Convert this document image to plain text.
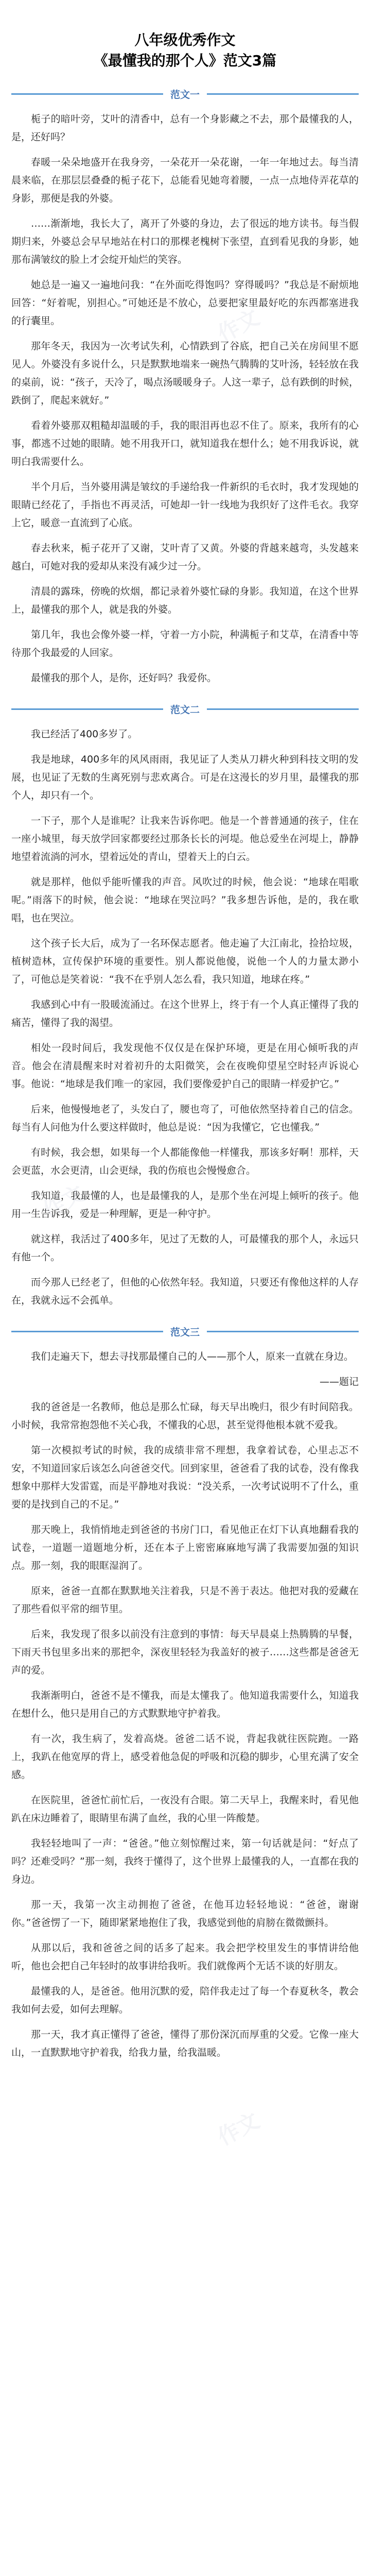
作文
作文
作文
八年级优秀作文
《最懂我的那个人》范文3篇
范文一

栀子的暗叶旁，艾叶的清香中，总有一个身影藏之不去，那个最懂我的人，是，还好吗？

春暖一朵朵地盛开在我身旁，一朵花开一朵花谢，一年一年地过去。每当清晨来临，在那层层叠叠的栀子花下，总能看见她弯着腰，一点一点地侍弄花草的身影，那便是我的外婆。

……渐渐地，我长大了，离开了外婆的身边，去了很远的地方读书。每当假期归来，外婆总会早早地站在村口的那棵老槐树下张望，直到看见我的身影，她那布满皱纹的脸上才会绽开灿烂的笑容。

她总是一遍又一遍地问我：“在外面吃得饱吗？穿得暖吗？”我总是不耐烦地回答：“好着呢，别担心。”可她还是不放心，总要把家里最好吃的东西都塞进我的行囊里。

那年冬天，我因为一次考试失利，心情跌到了谷底，把自己关在房间里不愿见人。外婆没有多说什么，只是默默地端来一碗热气腾腾的艾叶汤，轻轻放在我的桌前，说：“孩子，天冷了，喝点汤暖暖身子。人这一辈子，总有跌倒的时候，跌倒了，爬起来就好。”

看着外婆那双粗糙却温暖的手，我的眼泪再也忍不住了。原来，我所有的心事，都逃不过她的眼睛。她不用我开口，就知道我在想什么；她不用我诉说，就明白我需要什么。

半个月后，当外婆用满是皱纹的手递给我一件新织的毛衣时，我才发现她的眼睛已经花了，手指也不再灵活，可她却一针一线地为我织好了这件毛衣。我穿上它，暖意一直流到了心底。

春去秋来，栀子花开了又谢，艾叶青了又黄。外婆的背越来越弯，头发越来越白，可她对我的爱却从来没有减少过一分。

清晨的露珠，傍晚的炊烟，都记录着外婆忙碌的身影。我知道，在这个世界上，最懂我的那个人，就是我的外婆。

第几年，我也会像外婆一样，守着一方小院，种满栀子和艾草，在清香中等待那个我最爱的人回家。

最懂我的那个人，是你，还好吗？我爱你。

范文二

我已经活了400多岁了。

我是地球，400多年的风风雨雨，我见证了人类从刀耕火种到科技文明的发展，也见证了无数的生离死别与悲欢离合。可是在这漫长的岁月里，最懂我的那个人，却只有一个。

一下子，那个人是谁呢？让我来告诉你吧。他是一个普普通通的孩子，住在一座小城里，每天放学回家都要经过那条长长的河堤。他总爱坐在河堤上，静静地望着流淌的河水，望着远处的青山，望着天上的白云。

就是那样，他似乎能听懂我的声音。风吹过的时候，他会说：“地球在唱歌呢。”雨落下的时候，他会说：“地球在哭泣吗？”我多想告诉他，是的，我在歌唱，也在哭泣。

这个孩子长大后，成为了一名环保志愿者。他走遍了大江南北，捡拾垃圾，植树造林，宣传保护环境的重要性。别人都说他傻，说他一个人的力量太渺小了，可他总是笑着说：“我不在乎别人怎么看，我只知道，地球在疼。”

我感到心中有一股暖流涌过。在这个世界上，终于有一个人真正懂得了我的痛苦，懂得了我的渴望。

相处一段时间后，我发现他不仅仅是在保护环境，更是在用心倾听我的声音。他会在清晨醒来时对着初升的太阳微笑，会在夜晚仰望星空时轻声诉说心事。他说：“地球是我们唯一的家园，我们要像爱护自己的眼睛一样爱护它。”

后来，他慢慢地老了，头发白了，腰也弯了，可他依然坚持着自己的信念。每当有人问他为什么要这样做时，他总是说：“因为我懂它，它也懂我。”

有时候，我会想，如果每一个人都能像他一样懂我，那该多好啊！那样，天会更蓝，水会更清，山会更绿，我的伤痕也会慢慢愈合。

我知道，我最懂的人，也是最懂我的人，是那个坐在河堤上倾听的孩子。他用一生告诉我，爱是一种理解，更是一种守护。

就这样，我活过了400多年，见过了无数的人，可最懂我的那个人，永远只有他一个。

而今那人已经老了，但他的心依然年轻。我知道，只要还有像他这样的人存在，我就永远不会孤单。

范文三

我们走遍天下，想去寻找那最懂自己的人——那个人，原来一直就在身边。

——题记

我的爸爸是一名教师，他总是那么忙碌，每天早出晚归，很少有时间陪我。小时候，我常常抱怨他不关心我，不懂我的心思，甚至觉得他根本就不爱我。

第一次模拟考试的时候，我的成绩非常不理想，我拿着试卷，心里忐忑不安，不知道回家后该怎么向爸爸交代。回到家里，爸爸看了我的试卷，没有像我想象中那样大发雷霆，而是平静地对我说：“没关系，一次考试说明不了什么，重要的是找到自己的不足。”

那天晚上，我悄悄地走到爸爸的书房门口，看见他正在灯下认真地翻看我的试卷，一道题一道题地分析，还在本子上密密麻麻地写满了我需要加强的知识点。那一刻，我的眼眶湿润了。

原来，爸爸一直都在默默地关注着我，只是不善于表达。他把对我的爱藏在了那些看似平常的细节里。

后来，我发现了很多以前没有注意到的事情：每天早晨桌上热腾腾的早餐，下雨天书包里多出来的那把伞，深夜里轻轻为我盖好的被子……这些都是爸爸无声的爱。

我渐渐明白，爸爸不是不懂我，而是太懂我了。他知道我需要什么，知道我在想什么，他只是用自己的方式默默地守护着我。

有一次，我生病了，发着高烧。爸爸二话不说，背起我就往医院跑。一路上，我趴在他宽厚的背上，感受着他急促的呼吸和沉稳的脚步，心里充满了安全感。

在医院里，爸爸忙前忙后，一夜没有合眼。第二天早上，我醒来时，看见他趴在床边睡着了，眼睛里布满了血丝，我的心里一阵酸楚。

我轻轻地叫了一声：“爸爸。”他立刻惊醒过来，第一句话就是问：“好点了吗？还难受吗？”那一刻，我终于懂得了，这个世界上最懂我的人，一直都在我的身边。

那一天，我第一次主动拥抱了爸爸，在他耳边轻轻地说：“爸爸，谢谢你。”爸爸愣了一下，随即紧紧地抱住了我，我感觉到他的肩膀在微微颤抖。

从那以后，我和爸爸之间的话多了起来。我会把学校里发生的事情讲给他听，他也会把自己年轻时的故事讲给我听。我们就像两个无话不谈的好朋友。

最懂我的人，是爸爸。他用沉默的爱，陪伴我走过了每一个春夏秋冬，教会我如何去爱，如何去理解。

那一天，我才真正懂得了爸爸，懂得了那份深沉而厚重的父爱。它像一座大山，一直默默地守护着我，给我力量，给我温暖。
